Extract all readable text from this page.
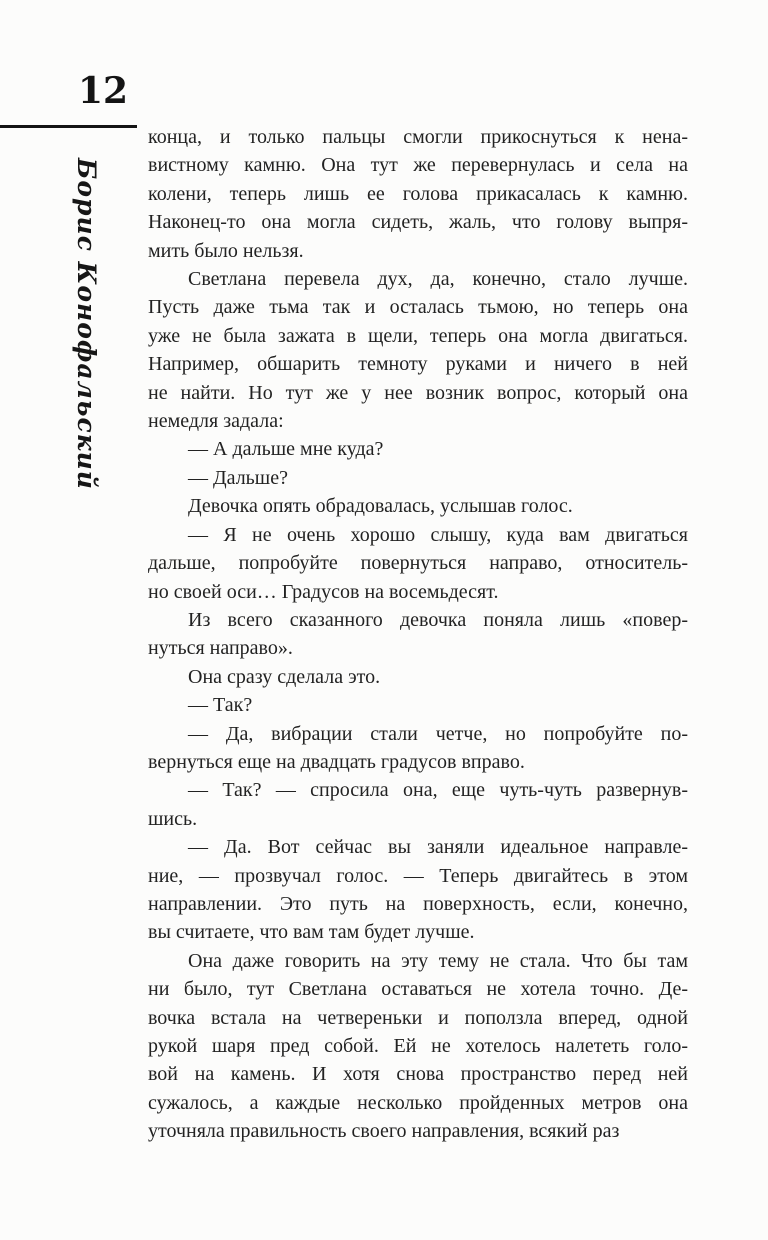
12
Борис Конофальский
конца, и только пальцы смогли прикоснуться к нена-
вистному камню. Она тут же перевернулась и села на
колени, теперь лишь ее голова прикасалась к камню.
Наконец-то она могла сидеть, жаль, что голову выпря-
мить было нельзя.
Светлана перевела дух, да, конечно, стало лучше.
Пусть даже тьма так и осталась тьмою, но теперь она
уже не была зажата в щели, теперь она могла двигаться.
Например, обшарить темноту руками и ничего в ней
не найти. Но тут же у нее возник вопрос, который она
немедля задала:
— А дальше мне куда?
— Дальше?
Девочка опять обрадовалась, услышав голос.
— Я не очень хорошо слышу, куда вам двигаться
дальше, попробуйте повернуться направо, относитель-
но своей оси… Градусов на восемьдесят.
Из всего сказанного девочка поняла лишь «повер-
нуться направо».
Она сразу сделала это.
— Так?
— Да, вибрации стали четче, но попробуйте по-
вернуться еще на двадцать градусов вправо.
— Так? — спросила она, еще чуть-чуть развернув-
шись.
— Да. Вот сейчас вы заняли идеальное направле-
ние, — прозвучал голос. — Теперь двигайтесь в этом
направлении. Это путь на поверхность, если, конечно,
вы считаете, что вам там будет лучше.
Она даже говорить на эту тему не стала. Что бы там
ни было, тут Светлана оставаться не хотела точно. Де-
вочка встала на четвереньки и поползла вперед, одной
рукой шаря пред собой. Ей не хотелось налететь голо-
вой на камень. И хотя снова пространство перед ней
сужалось, а каждые несколько пройденных метров она
уточняла правильность своего направления, всякий раз
